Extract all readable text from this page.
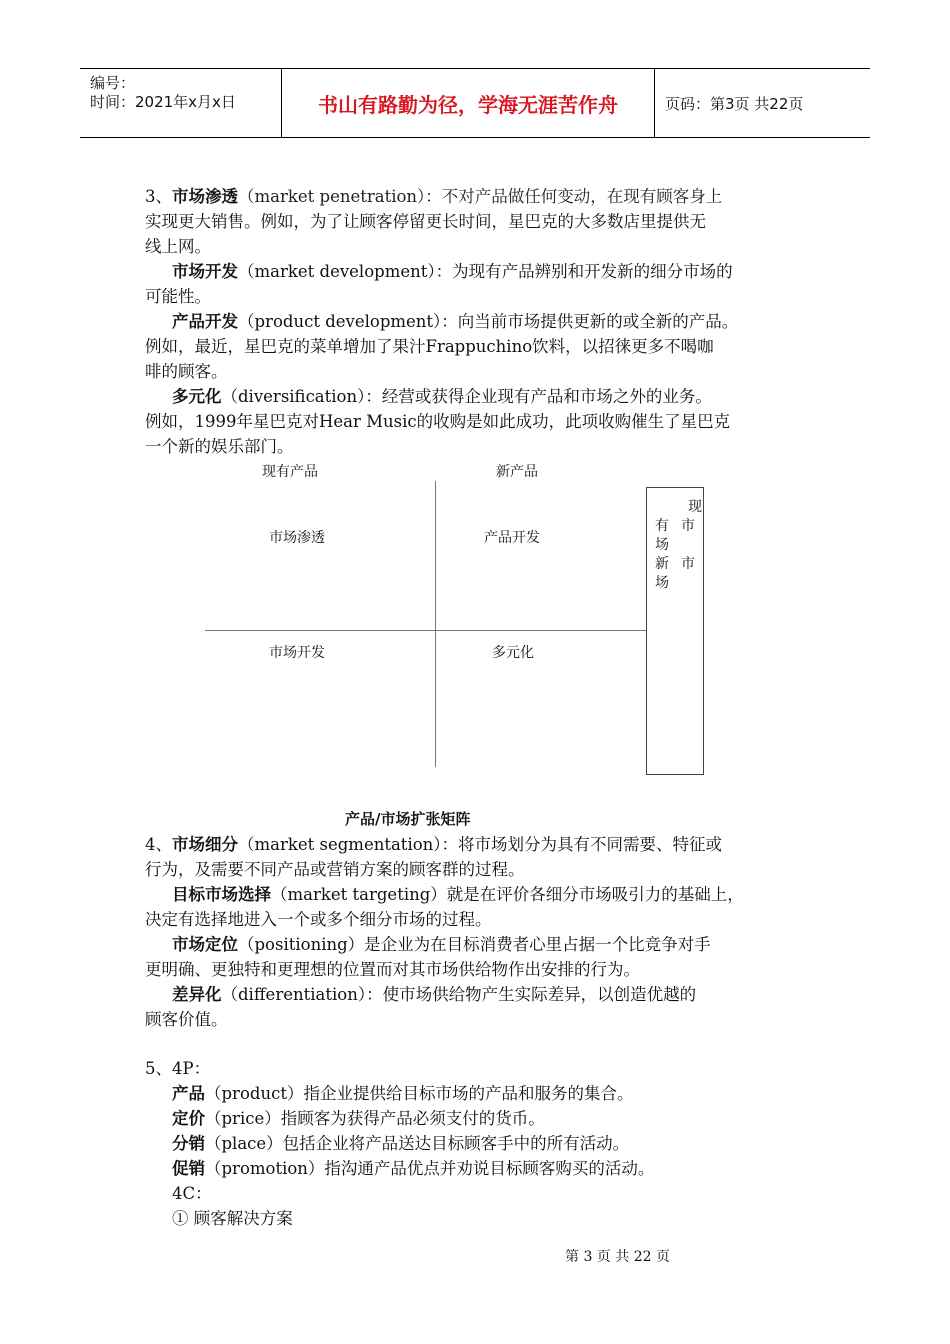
编号：
时间：2021年x月x日	书山有路勤为径，学海无涯苦作舟	页码：第3页 共22页
3、市场渗透（market penetration）：不对产品做任何变动，在现有顾客身上
实现更大销售。例如，为了让顾客停留更长时间，星巴克的大多数店里提供无
线上网。
市场开发（market development）：为现有产品辨别和开发新的细分市场的
可能性。
产品开发（product development）：向当前市场提供更新的或全新的产品。
例如，最近，星巴克的菜单增加了果汁Frappuchino饮料，以招徕更多不喝咖
啡的顾客。
多元化（diversification）：经营或获得企业现有产品和市场之外的业务。
例如，1999年星巴克对Hear Music的收购是如此成功，此项收购催生了星巴克
一个新的娱乐部门。
现有产品	新产品
市场渗透	产品开发
市场开发	多元化
现
有 市
场
市
新
场
产品/市场扩张矩阵
4、市场细分（market segmentation）：将市场划分为具有不同需要、特征或
行为，及需要不同产品或营销方案的顾客群的过程。
目标市场选择（market targeting）就是在评价各细分市场吸引力的基础上，
决定有选择地进入一个或多个细分市场的过程。
市场定位（positioning）是企业为在目标消费者心里占据一个比竞争对手
更明确、更独特和更理想的位置而对其市场供给物作出安排的行为。
差异化（differentiation）：使市场供给物产生实际差异，以创造优越的
顾客价值。
5、4P：
产品（product）指企业提供给目标市场的产品和服务的集合。
定价（price）指顾客为获得产品必须支付的货币。
分销（place）包括企业将产品送达目标顾客手中的所有活动。
促销（promotion）指沟通产品优点并劝说目标顾客购买的活动。
4C：
① 顾客解决方案
第 3 页 共 22 页
